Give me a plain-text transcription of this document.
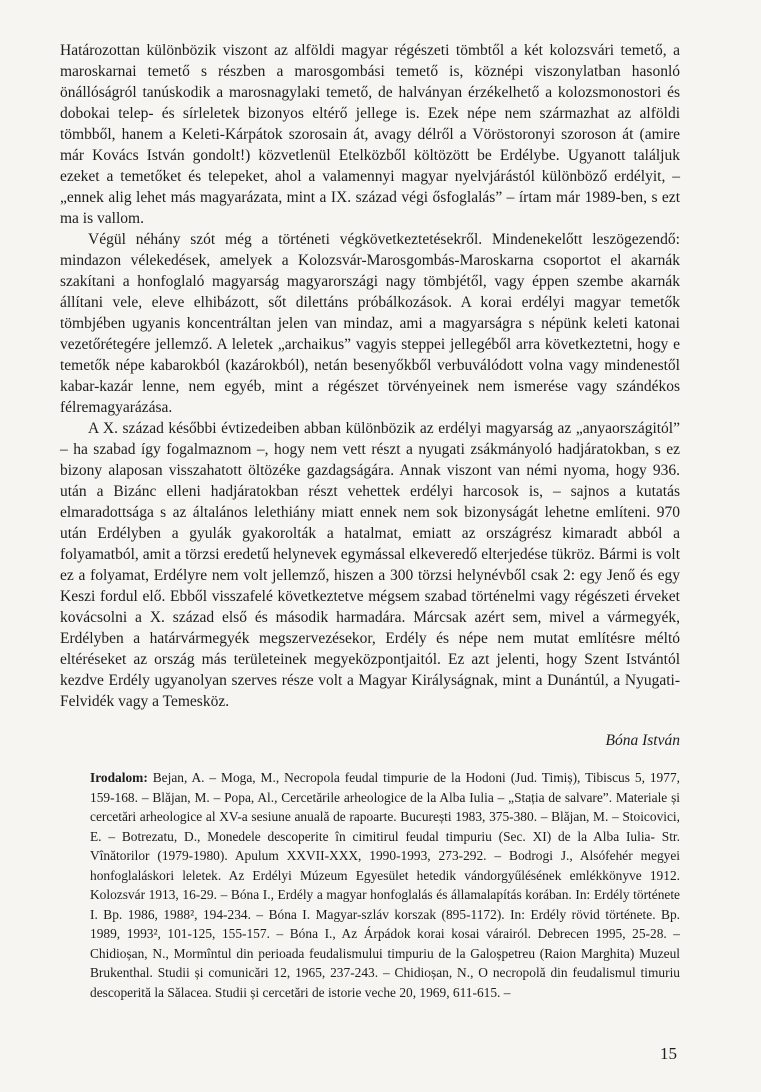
Határozottan különbözik viszont az alföldi magyar régészeti tömbtől a két kolozsvári temető, a maroskarnai temető s részben a marosgombási temető is, köznépi viszonylatban hasonló önállóságról tanúskodik a marosnagylaki temető, de halványan érzékelhető a kolozsmonostori és dobokai telep- és sírleletek bizonyos eltérő jellege is. Ezek népe nem származhat az alföldi tömbből, hanem a Keleti-Kárpátok szorosain át, avagy délről a Vöröstoronyi szoroson át (amire már Kovács István gondolt!) közvetlenül Etelközből költözött be Erdélybe. Ugyanott találjuk ezeket a temetőket és telepeket, ahol a valamennyi magyar nyelvjárástól különböző erdélyit, – „ennek alig lehet más magyarázata, mint a IX. század végi ősfoglalás” – írtam már 1989-ben, s ezt ma is vallom.

Végül néhány szót még a történeti végkövetkeztetésekről. Mindenekelőtt leszögezendő: mindazon vélekedések, amelyek a Kolozsvár-Marosgombás-Maroskarna csoportot el akarnák szakítani a honfoglaló magyarság magyarországi nagy tömbjétől, vagy éppen szembe akarnák állítani vele, eleve elhibázott, sőt dilettáns próbálkozások. A korai erdélyi magyar temetők tömbjében ugyanis koncentráltan jelen van mindaz, ami a magyarságra s népünk keleti katonai vezetőrétegére jellemző. A leletek „archaikus” vagyis steppei jellegéből arra következtetni, hogy e temetők népe kabarokból (kazárokból), netán besenyőkből verbuválódott volna vagy mindenestől kabar-kazár lenne, nem egyéb, mint a régészet törvényeinek nem ismerése vagy szándékos félremagyarázása.

A X. század későbbi évtizedeiben abban különbözik az erdélyi magyarság az „anyaországitól” – ha szabad így fogalmaznom –, hogy nem vett részt a nyugati zsákmányoló hadjáratokban, s ez bizony alaposan visszahatott öltözéke gazdagságára. Annak viszont van némi nyoma, hogy 936. után a Bizánc elleni hadjáratokban részt vehettek erdélyi harcosok is, – sajnos a kutatás elmaradottsága s az általános lelethiány miatt ennek nem sok bizonyságát lehetne említeni. 970 után Erdélyben a gyulák gyakorolták a hatalmat, emiatt az országrész kimaradt abból a folyamatból, amit a törzsi eredetű helynevek egymással elkeveredő elterjedése tükröz. Bármi is volt ez a folyamat, Erdélyre nem volt jellemző, hiszen a 300 törzsi helynévből csak 2: egy Jenő és egy Keszi fordul elő. Ebből visszafelé következtetve mégsem szabad történelmi vagy régészeti érveket kovácsolni a X. század első és második harmadára. Márcsak azért sem, mivel a vármegyék, Erdélyben a határvármegyék megszervezésekor, Erdély és népe nem mutat említésre méltó eltéréseket az ország más területeinek megyeközpontjaitól. Ez azt jelenti, hogy Szent Istvántól kezdve Erdély ugyanolyan szerves része volt a Magyar Királyságnak, mint a Dunántúl, a Nyugati-Felvidék vagy a Temesköz.

Bóna István
Irodalom: Bejan, A. – Moga, M., Necropola feudal timpurie de la Hodoni (Jud. Timiș), Tibiscus 5, 1977, 159-168. – Blăjan, M. – Popa, Al., Cercetările arheologice de la Alba Iulia – „Stația de salvare”. Materiale și cercetări arheologice al XV-a sesiune anuală de rapoarte. București 1983, 375-380. – Blăjan, M. – Stoicovici, E. – Botrezatu, D., Monedele descoperite în cimitirul feudal timpuriu (Sec. XI) de la Alba Iulia- Str. Vînătorilor (1979-1980). Apulum XXVII-XXX, 1990-1993, 273-292. – Bodrogi J., Alsófehér megyei honfoglaláskori leletek. Az Erdélyi Múzeum Egyesület hetedik vándorgyűlésének emlékkönyve 1912. Kolozsvár 1913, 16-29. – Bóna I., Erdély a magyar honfoglalás és államalapítás korában. In: Erdély története I. Bp. 1986, 1988², 194-234. – Bóna I. Magyar-szláv korszak (895-1172). In: Erdély rövid története. Bp. 1989, 1993², 101-125, 155-157. – Bóna I., Az Árpádok korai kosai várairól. Debrecen 1995, 25-28. – Chidioșan, N., Mormîntul din perioada feudalismului timpuriu de la Galoșpetreu (Raion Marghita) Muzeul Brukenthal. Studii și comunicări 12, 1965, 237-243. – Chidioșan, N., O necropolă din feudalismul timuriu descoperită la Sălacea. Studii și cercetări de istorie veche 20, 1969, 611-615. –
15
